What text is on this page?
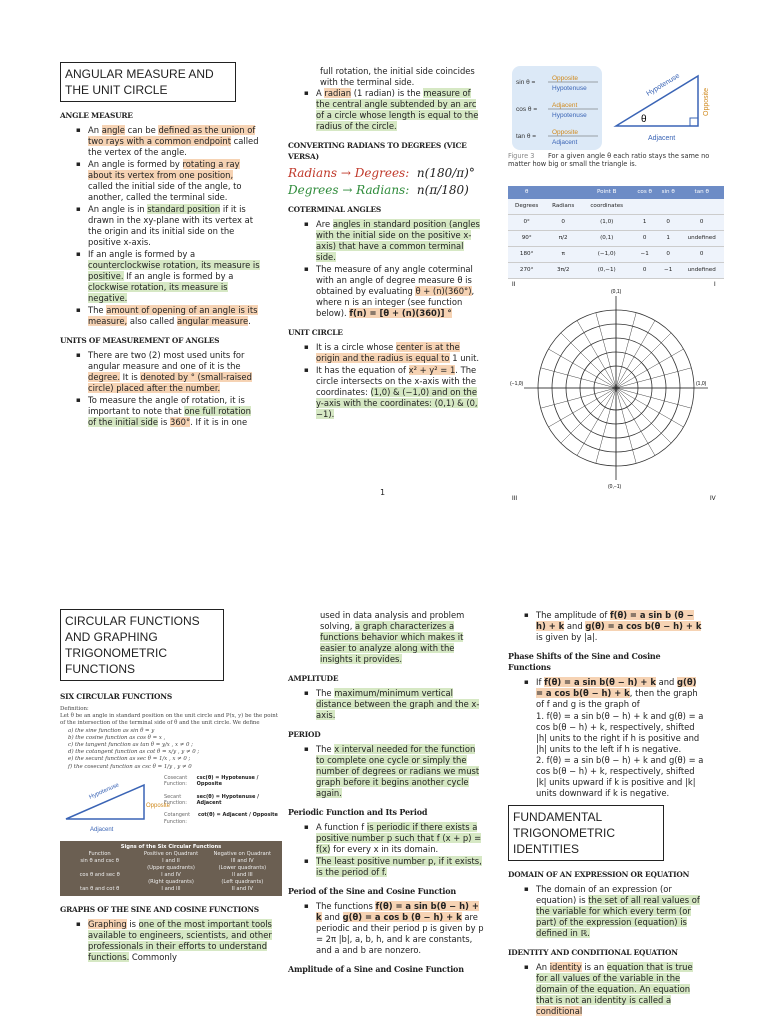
ANGULAR MEASURE AND THE UNIT CIRCLE
ANGLE MEASURE
▪ An angle can be defined as the union of two rays with a common endpoint called the vertex of the angle.
▪ An angle is formed by rotating a ray about its vertex from one position, called the initial side of the angle, to another, called the terminal side.
▪ An angle is in standard position if it is drawn in the xy-plane with its vertex at the origin and its initial side on the positive x-axis.
▪ If an angle is formed by a counterclockwise rotation, its measure is positive. If an angle is formed by a clockwise rotation, its measure is negative.
▪ The amount of opening of an angle is its measure, also called angular measure.
UNITS OF MEASUREMENT OF ANGLES
▪ There are two (2) most used units for angular measure and one of it is the degree. It is denoted by ° (small-raised circle) placed after the number.
▪ To measure the angle of rotation, it is important to note that one full rotation of the initial side is 360°. If it is in one
full rotation, the initial side coincides with the terminal side.
▪ A radian (1 radian) is the measure of the central angle subtended by an arc of a circle whose length is equal to the radius of the circle.
CONVERTING RADIANS TO DEGREES (VICE VERSA)
Radians → Degrees: n(180/π)°
Degrees → Radians: n(π/180)
COTERMINAL ANGLES
▪ Are angles in standard position (angles with the initial side on the positive x-axis) that have a common terminal side.
▪ The measure of any angle coterminal with an angle of degree measure θ is obtained by evaluating θ + (n)(360°), where n is an integer (see function below). f(n) = [θ + (n)(360)] °
UNIT CIRCLE
▪ It is a circle whose center is at the origin and the radius is equal to 1 unit.
▪ It has the equation of x² + y² = 1. The circle intersects on the x-axis with the coordinates: (1,0) & (−1,0) and on the y-axis with the coordinates: (0,1) & (0, −1).
sin θ =
Opposite
Hypotenuse
cos θ =
Adjacent
Hypotenuse
tan θ =
Opposite
Adjacent
Hypotenuse
Opposite
Adjacent
θ
Figure 3 For a given angle θ each ratio stays the same no matter how big or small the triangle is.
θ		Point B	cos θ	sin θ	tan θ
Degrees	Radians	coordinates			
0°	0	(1,0)	1	0	0
90°	π/2	(0,1)	0	1	undefined
180°	π	(−1,0)	−1	0	0
270°	3π/2	(0,−1)	0	−1	undefined
II	I
III	IV
(1,0)
(0,1)
(−1,0)
(0,−1)
1
CIRCULAR FUNCTIONS AND GRAPHING TRIGONOMETRIC FUNCTIONS
SIX CIRCULAR FUNCTIONS
Definition:
Let θ be an angle in standard position on the unit circle and P(x, y) be the point of the intersection of the terminal side of θ and the unit circle. We define
a) the sine function as sin θ = y
b) the cosine function as cos θ = x ,
c) the tangent function as tan θ = y/x , x ≠ 0 ;
d) the cotangent function as cot θ = x/y , y ≠ 0 ;
e) the secant function as sec θ = 1/x , x ≠ 0 ;
f) the cosecant function as csc θ = 1/y , y ≠ 0
Hypotenuse
Opposite
Adjacent
Cosecant Function:
csc(θ) = Hypotenuse / Opposite
Secant Function:
sec(θ) = Hypotenuse / Adjacent
Cotangent Function:
cot(θ) = Adjacent / Opposite
Signs of the Six Circular Functions
Function	Positive on Quadrant	Negative on Quadrant
sin θ and csc θ	I and II	III and IV
(Upper quadrants)	(Lower quadrants)
cos θ and sec θ	I and IV	II and III
(Right quadrants)	(Left quadrants)
tan θ and cot θ	I and III	II and IV
GRAPHS OF THE SINE AND COSINE FUNCTIONS
▪ Graphing is one of the most important tools available to engineers, scientists, and other professionals in their efforts to understand functions. Commonly
used in data analysis and problem solving, a graph characterizes a functions behavior which makes it easier to analyze along with the insights it provides.
AMPLITUDE
▪ The maximum/minimum vertical distance between the graph and the x-axis.
PERIOD
▪ The x interval needed for the function to complete one cycle or simply the number of degrees or radians we must graph before it begins another cycle again.
Periodic Function and Its Period
▪ A function f is periodic if there exists a positive number p such that f (x + p) = f(x) for every x in its domain.
▪ The least positive number p, if it exists, is the period of f.
Period of the Sine and Cosine Function
▪ The functions f(θ) = a sin b(θ − h) + k and g(θ) = a cos b (θ − h) + k are periodic and their period p is given by p = 2π |b|, a, b, h, and k are constants, and a and b are nonzero.
Amplitude of a Sine and Cosine Function
▪ The amplitude of f(θ) = a sin b (θ − h) + k and g(θ) = a cos b(θ − h) + k is given by |a|.
Phase Shifts of the Sine and Cosine Functions
▪ If f(θ) = a sin b(θ − h) + k and g(θ) = a cos b(θ − h) + k, then the graph of f and g is the graph of
1. f(θ) = a sin b(θ − h) + k and g(θ) = a cos b(θ − h) + k, respectively, shifted |h| units to the right if h is positive and |h| units to the left if h is negative.
2. f(θ) = a sin b(θ − h) + k and g(θ) = a cos b(θ − h) + k, respectively, shifted |k| units upward if k is positive and |k| units downward if k is negative.
FUNDAMENTAL TRIGONOMETRIC IDENTITIES
DOMAIN OF AN EXPRESSION OR EQUATION
▪ The domain of an expression (or equation) is the set of all real values of the variable for which every term (or part) of the expression (equation) is defined in ℝ.
IDENTITY AND CONDITIONAL EQUATION
▪ An identity is an equation that is true for all values of the variable in the domain of the equation. An equation that is not an identity is called a conditional
